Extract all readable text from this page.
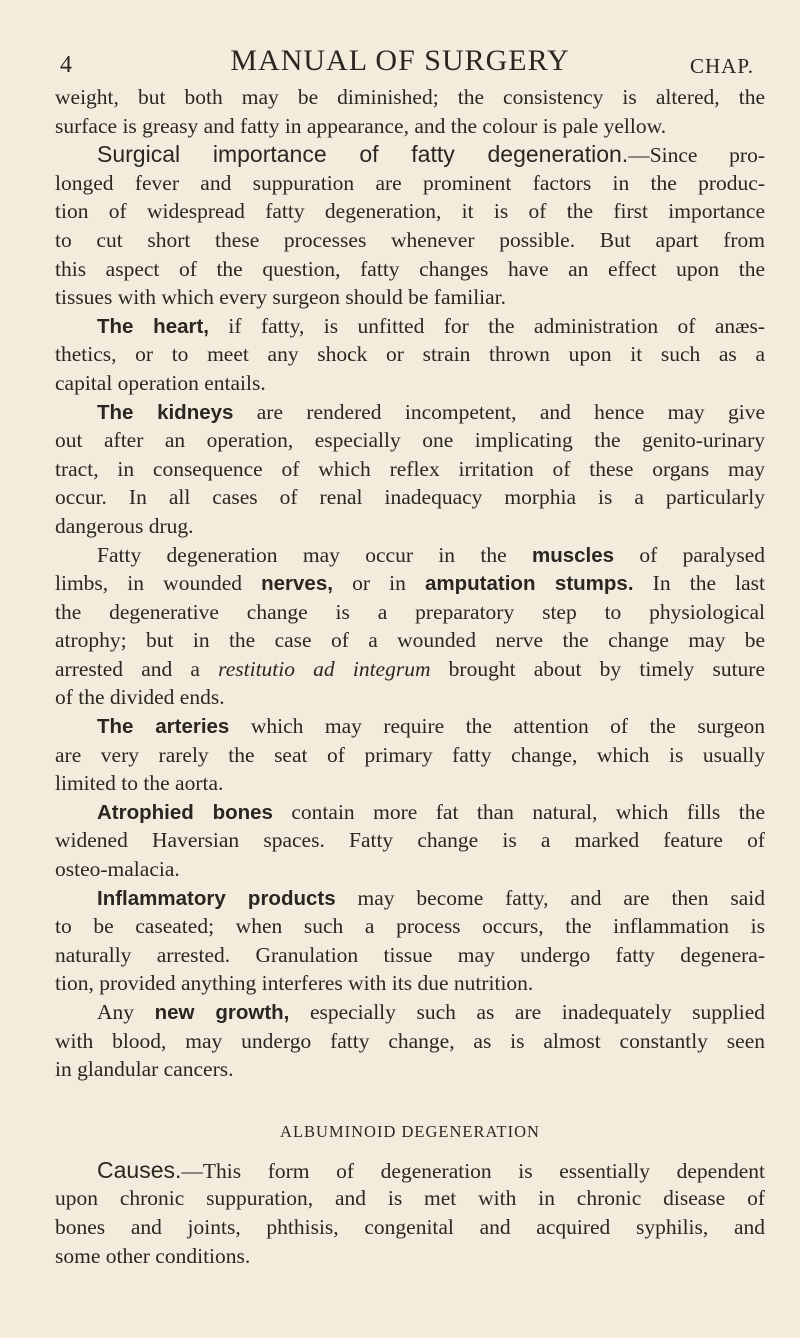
4	MANUAL OF SURGERY	CHAP.
weight, but both may be diminished; the consistency is altered, the
surface is greasy and fatty in appearance, and the colour is pale yellow.
Surgical importance of fatty degeneration.—Since pro-
longed fever and suppuration are prominent factors in the produc-
tion of widespread fatty degeneration, it is of the first importance
to cut short these processes whenever possible. But apart from
this aspect of the question, fatty changes have an effect upon the
tissues with which every surgeon should be familiar.
The heart, if fatty, is unfitted for the administration of anæs-
thetics, or to meet any shock or strain thrown upon it such as a
capital operation entails.
The kidneys are rendered incompetent, and hence may give
out after an operation, especially one implicating the genito-urinary
tract, in consequence of which reflex irritation of these organs may
occur. In all cases of renal inadequacy morphia is a particularly
dangerous drug.
Fatty degeneration may occur in the muscles of paralysed
limbs, in wounded nerves, or in amputation stumps. In the last
the degenerative change is a preparatory step to physiological
atrophy; but in the case of a wounded nerve the change may be
arrested and a restitutio ad integrum brought about by timely suture
of the divided ends.
The arteries which may require the attention of the surgeon
are very rarely the seat of primary fatty change, which is usually
limited to the aorta.
Atrophied bones contain more fat than natural, which fills the
widened Haversian spaces. Fatty change is a marked feature of
osteo-malacia.
Inflammatory products may become fatty, and are then said
to be caseated; when such a process occurs, the inflammation is
naturally arrested. Granulation tissue may undergo fatty degenera-
tion, provided anything interferes with its due nutrition.
Any new growth, especially such as are inadequately supplied
with blood, may undergo fatty change, as is almost constantly seen
in glandular cancers.
ALBUMINOID DEGENERATION
Causes.—This form of degeneration is essentially dependent
upon chronic suppuration, and is met with in chronic disease of
bones and joints, phthisis, congenital and acquired syphilis, and
some other conditions.
